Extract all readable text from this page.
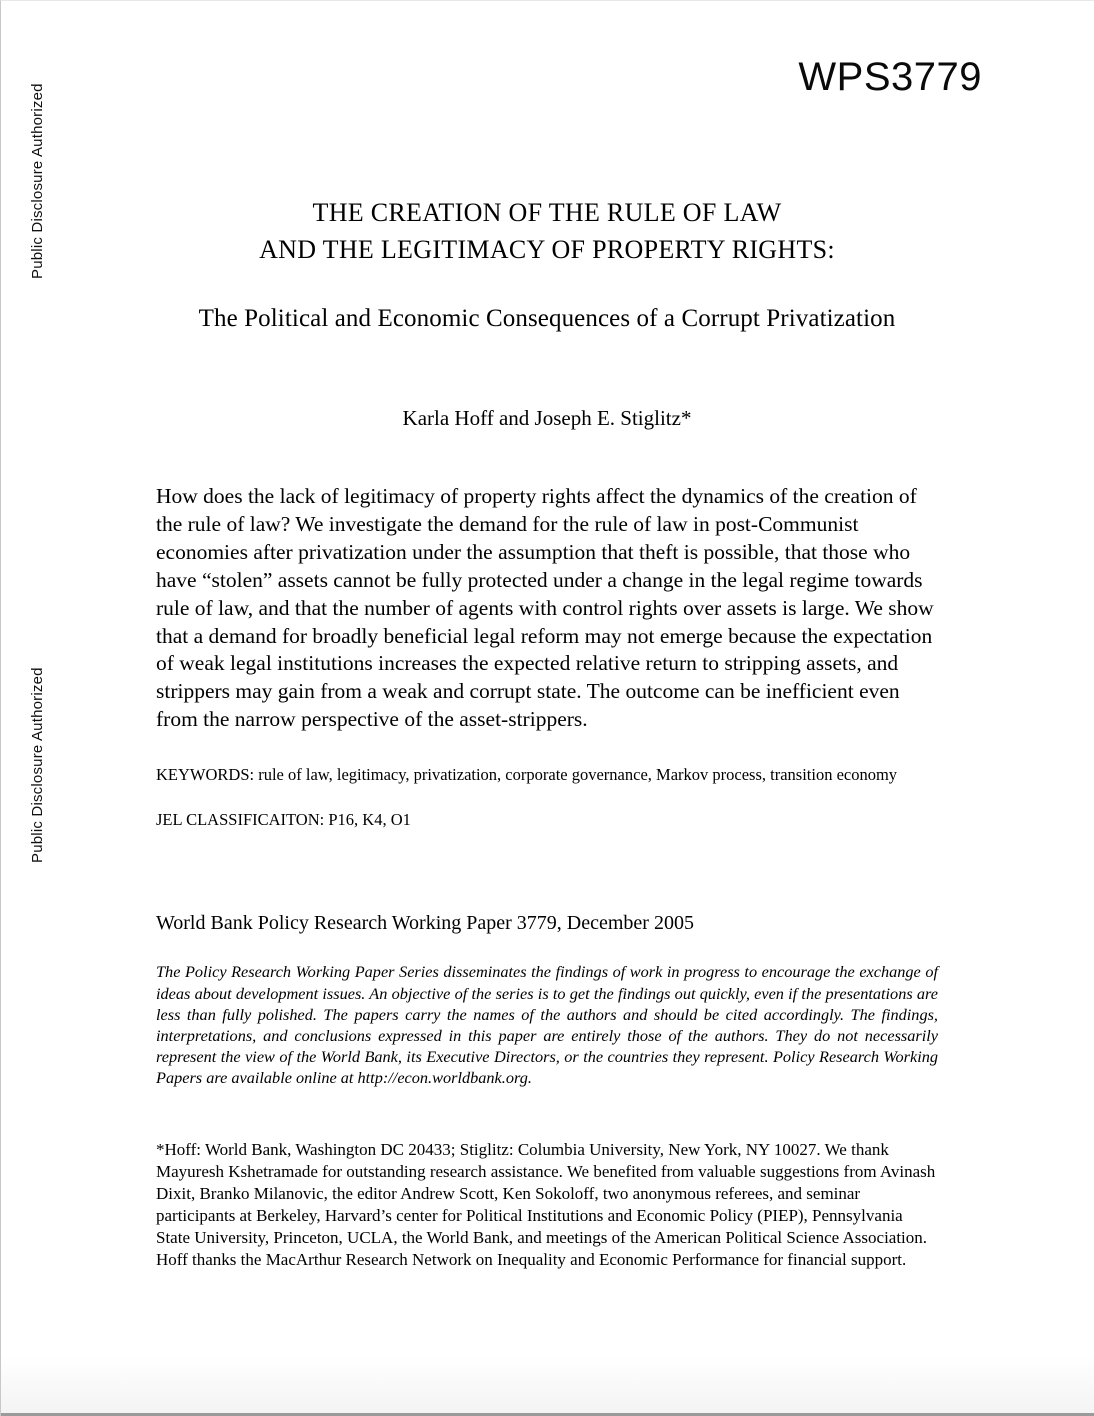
Public Disclosure Authorized
Public Disclosure Authorized
WPS3779
THE CREATION OF THE RULE OF LAW
AND THE LEGITIMACY OF PROPERTY RIGHTS:
The Political and Economic Consequences of a Corrupt Privatization
Karla Hoff and Joseph E. Stiglitz*
How does the lack of legitimacy of property rights affect the dynamics of the creation of the rule of law? We investigate the demand for the rule of law in post-Communist economies after privatization under the assumption that theft is possible, that those who have “stolen” assets cannot be fully protected under a change in the legal regime towards rule of law, and that the number of agents with control rights over assets is large. We show that a demand for broadly beneficial legal reform may not emerge because the expectation of weak legal institutions increases the expected relative return to stripping assets, and strippers may gain from a weak and corrupt state. The outcome can be inefficient even from the narrow perspective of the asset-strippers.
KEYWORDS: rule of law, legitimacy, privatization, corporate governance, Markov process, transition economy
JEL CLASSIFICAITON: P16, K4, O1
World Bank Policy Research Working Paper 3779, December 2005
The Policy Research Working Paper Series disseminates the findings of work in progress to encourage the exchange of ideas about development issues. An objective of the series is to get the findings out quickly, even if the presentations are less than fully polished. The papers carry the names of the authors and should be cited accordingly. The findings, interpretations, and conclusions expressed in this paper are entirely those of the authors. They do not necessarily represent the view of the World Bank, its Executive Directors, or the countries they represent. Policy Research Working Papers are available online at http://econ.worldbank.org.
*Hoff: World Bank, Washington DC 20433; Stiglitz: Columbia University, New York, NY 10027. We thank Mayuresh Kshetramade for outstanding research assistance. We benefited from valuable suggestions from Avinash Dixit, Branko Milanovic, the editor Andrew Scott, Ken Sokoloff, two anonymous referees, and seminar participants at Berkeley, Harvard’s center for Political Institutions and Economic Policy (PIEP), Pennsylvania State University, Princeton, UCLA, the World Bank, and meetings of the American Political Science Association. Hoff thanks the MacArthur Research Network on Inequality and Economic Performance for financial support.
